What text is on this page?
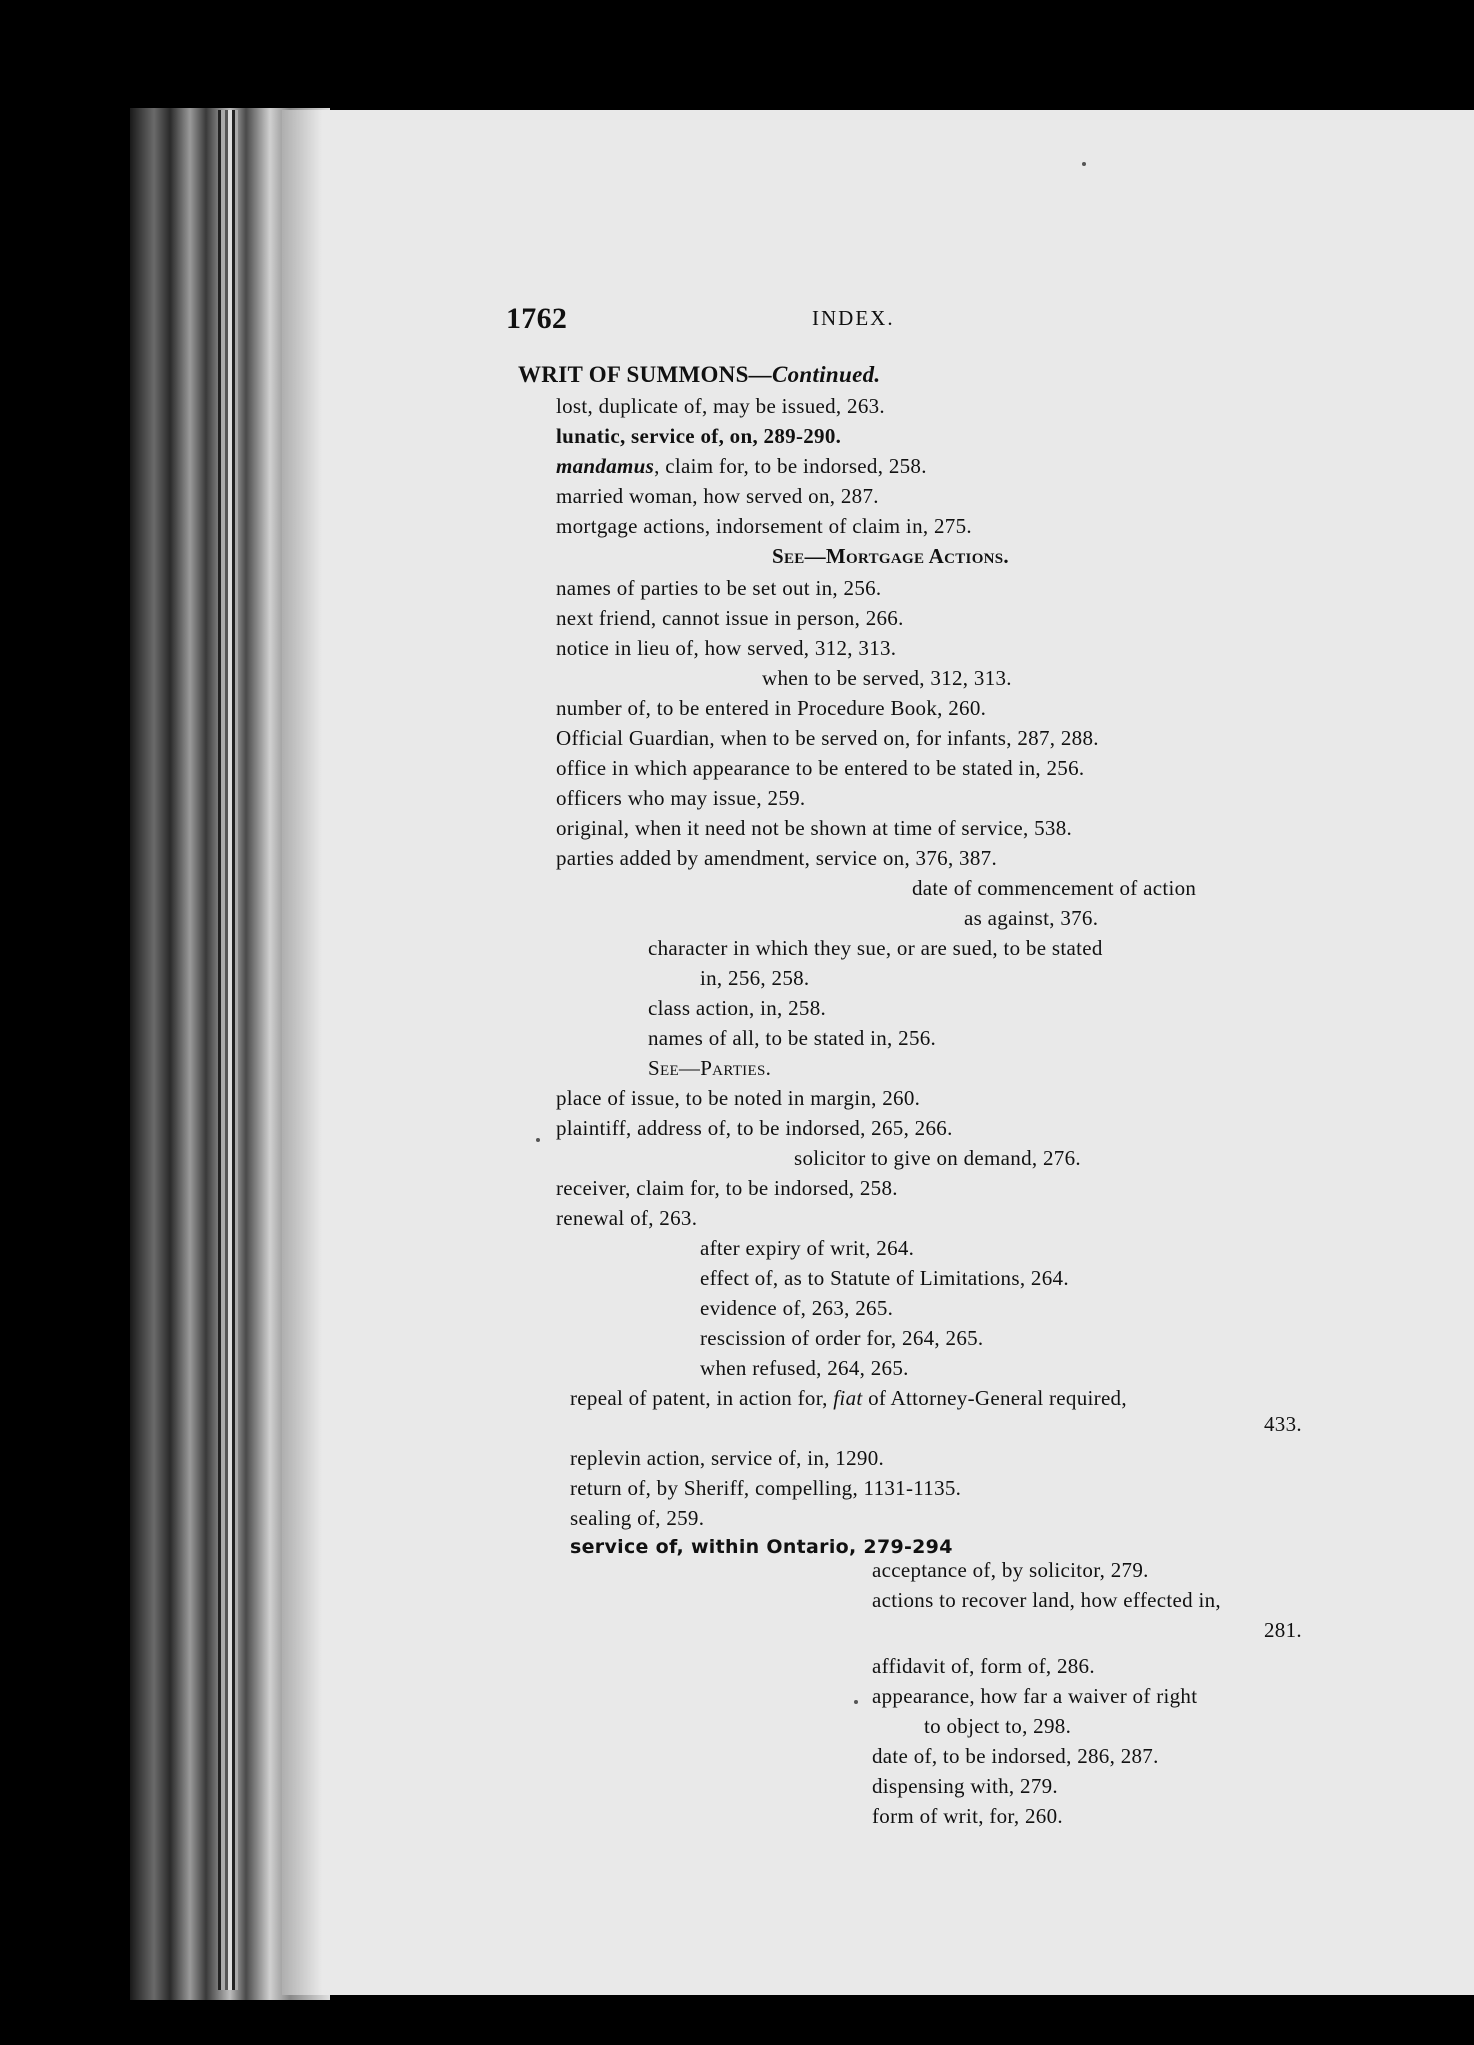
1762	INDEX.
WRIT OF SUMMONS—Continued.
lost, duplicate of, may be issued, 263.
lunatic, service of, on, 289-290.
mandamus, claim for, to be indorsed, 258.
married woman, how served on, 287.
mortgage actions, indorsement of claim in, 275.
See—Mortgage Actions.
names of parties to be set out in, 256.
next friend, cannot issue in person, 266.
notice in lieu of, how served, 312, 313.
when to be served, 312, 313.
number of, to be entered in Procedure Book, 260.
Official Guardian, when to be served on, for infants, 287, 288.
office in which appearance to be entered to be stated in, 256.
officers who may issue, 259.
original, when it need not be shown at time of service, 538.
parties added by amendment, service on, 376, 387.
date of commencement of action
as against, 376.
character in which they sue, or are sued, to be stated
in, 256, 258.
class action, in, 258.
names of all, to be stated in, 256.
See—Parties.
place of issue, to be noted in margin, 260.
plaintiff, address of, to be indorsed, 265, 266.
solicitor to give on demand, 276.
receiver, claim for, to be indorsed, 258.
renewal of, 263.
after expiry of writ, 264.
effect of, as to Statute of Limitations, 264.
evidence of, 263, 265.
rescission of order for, 264, 265.
when refused, 264, 265.
repeal of patent, in action for, fiat of Attorney-General required,
433.
replevin action, service of, in, 1290.
return of, by Sheriff, compelling, 1131-1135.
sealing of, 259.
service of, within Ontario, 279-294
acceptance of, by solicitor, 279.
actions to recover land, how effected in,
281.
affidavit of, form of, 286.
appearance, how far a waiver of right
to object to, 298.
date of, to be indorsed, 286, 287.
dispensing with, 279.
form of writ, for, 260.
